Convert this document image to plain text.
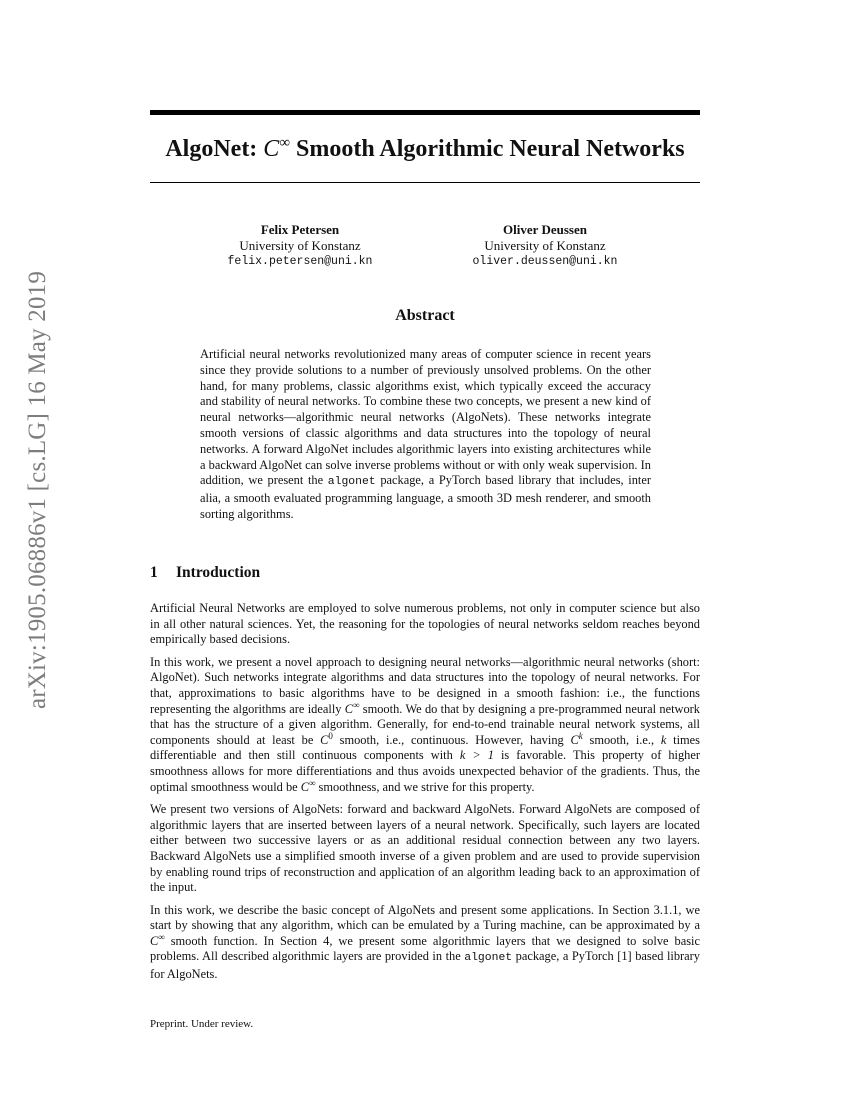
arXiv:1905.06886v1 [cs.LG] 16 May 2019
AlgoNet: C∞ Smooth Algorithmic Neural Networks
Felix Petersen
University of Konstanz
felix.petersen@uni.kn
Oliver Deussen
University of Konstanz
oliver.deussen@uni.kn
Abstract

Artificial neural networks revolutionized many areas of computer science in recent years since they provide solutions to a number of previously unsolved problems. On the other hand, for many problems, classic algorithms exist, which typically exceed the accuracy and stability of neural networks. To combine these two concepts, we present a new kind of neural networks—algorithmic neural networks (AlgoNets). These networks integrate smooth versions of classic algorithms and data structures into the topology of neural networks. A forward AlgoNet includes algorithmic layers into existing architectures while a backward AlgoNet can solve inverse problems without or with only weak supervision. In addition, we present the algonet package, a PyTorch based library that includes, inter alia, a smooth evaluated programming language, a smooth 3D mesh renderer, and smooth sorting algorithms.

1 Introduction

Artificial Neural Networks are employed to solve numerous problems, not only in computer science but also in all other natural sciences. Yet, the reasoning for the topologies of neural networks seldom reaches beyond empirically based decisions.

In this work, we present a novel approach to designing neural networks—algorithmic neural networks (short: AlgoNet). Such networks integrate algorithms and data structures into the topology of neural networks. For that, approximations to basic algorithms have to be designed in a smooth fashion: i.e., the functions representing the algorithms are ideally C∞ smooth. We do that by designing a pre-programmed neural network that has the structure of a given algorithm. Generally, for end-to-end trainable neural network systems, all components should at least be $C^0$ smooth, i.e., continuous. However, having $C^k$ smooth, i.e., k times differentiable and then still continuous components with k > 1 is favorable. This property of higher smoothness allows for more differentiations and thus avoids unexpected behavior of the gradients. Thus, the optimal smoothness would be C∞ smoothness, and we strive for this property.

We present two versions of AlgoNets: forward and backward AlgoNets. Forward AlgoNets are composed of algorithmic layers that are inserted between layers of a neural network. Specifically, such layers are located either between two successive layers or as an additional residual connection between any two layers. Backward AlgoNets use a simplified smooth inverse of a given problem and are used to provide supervision by enabling round trips of reconstruction and application of an algorithm leading back to an approximation of the input.

In this work, we describe the basic concept of AlgoNets and present some applications. In Section 3.1.1, we start by showing that any algorithm, which can be emulated by a Turing machine, can be approximated by a C∞ smooth function. In Section 4, we present some algorithmic layers that we designed to solve basic problems. All described algorithmic layers are provided in the algonet package, a PyTorch [1] based library for AlgoNets.

Preprint. Under review.
